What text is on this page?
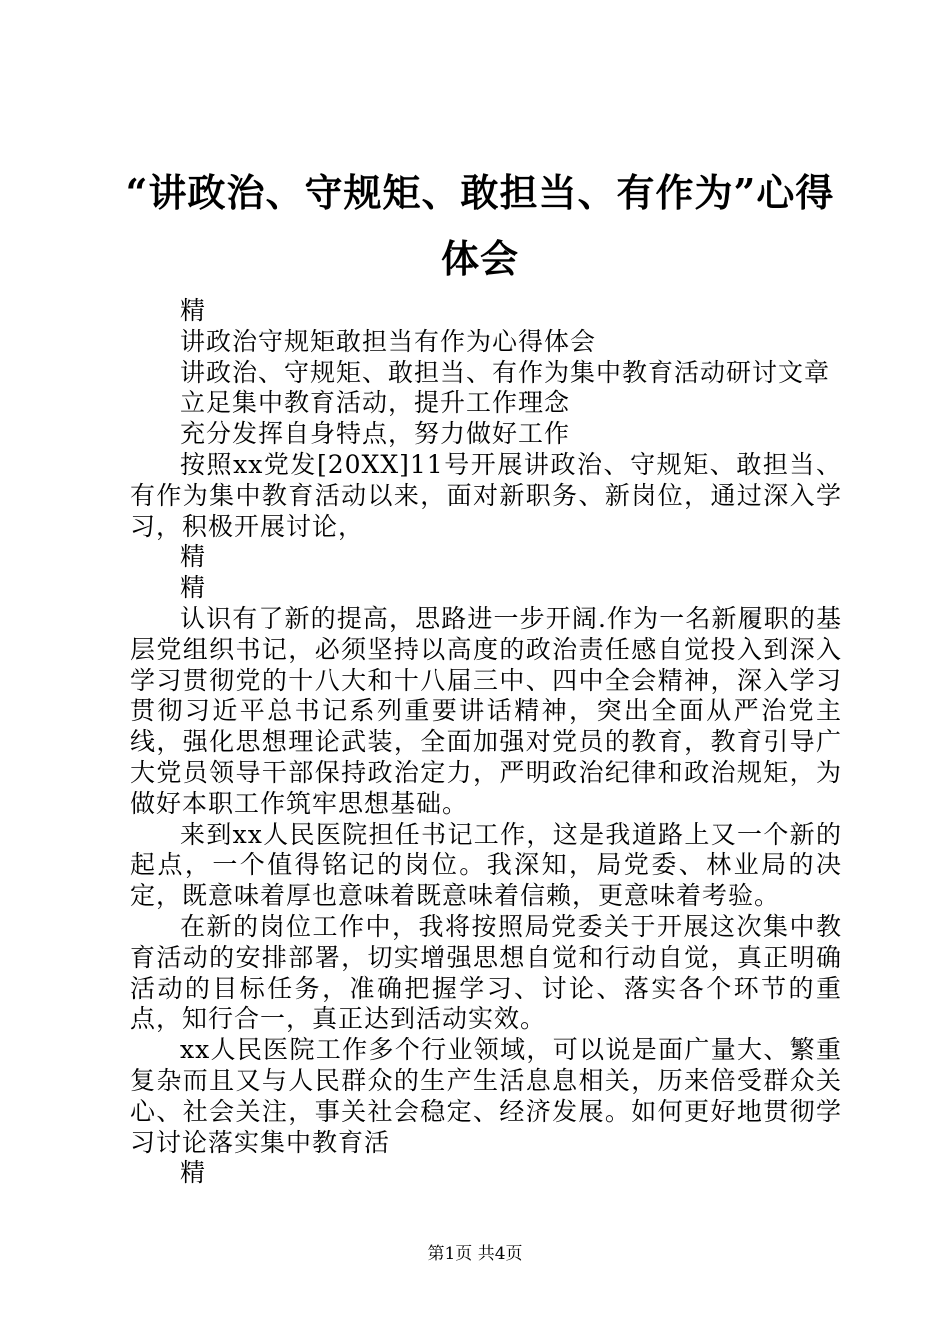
“讲政治、守规矩、敢担当、有作为”心得体会

精

讲政治守规矩敢担当有作为心得体会

讲政治、守规矩、敢担当、有作为集中教育活动研讨文章

立足集中教育活动，提升工作理念

充分发挥自身特点，努力做好工作

按照xx党发[20XX]11号开展讲政治、守规矩、敢担当、有作为集中教育活动以来，面对新职务、新岗位，通过深入学习，积极开展讨论，

精

精

认识有了新的提高，思路进一步开阔.作为一名新履职的基层党组织书记，必须坚持以高度的政治责任感自觉投入到深入学习贯彻党的十八大和十八届三中、四中全会精神，深入学习贯彻习近平总书记系列重要讲话精神，突出全面从严治党主线，强化思想理论武装，全面加强对党员的教育，教育引导广大党员领导干部保持政治定力，严明政治纪律和政治规矩，为做好本职工作筑牢思想基础。

来到xx人民医院担任书记工作，这是我道路上又一个新的起点，一个值得铭记的岗位。我深知，局党委、林业局的决定，既意味着厚也意味着既意味着信赖，更意味着考验。

在新的岗位工作中，我将按照局党委关于开展这次集中教育活动的安排部署，切实增强思想自觉和行动自觉，真正明确活动的目标任务，准确把握学习、讨论、落实各个环节的重点，知行合一，真正达到活动实效。

xx人民医院工作多个行业领域，可以说是面广量大、繁重复杂而且又与人民群众的生产生活息息相关，历来倍受群众关心、社会关注，事关社会稳定、经济发展。如何更好地贯彻学习讨论落实集中教育活

精

第1页 共4页
